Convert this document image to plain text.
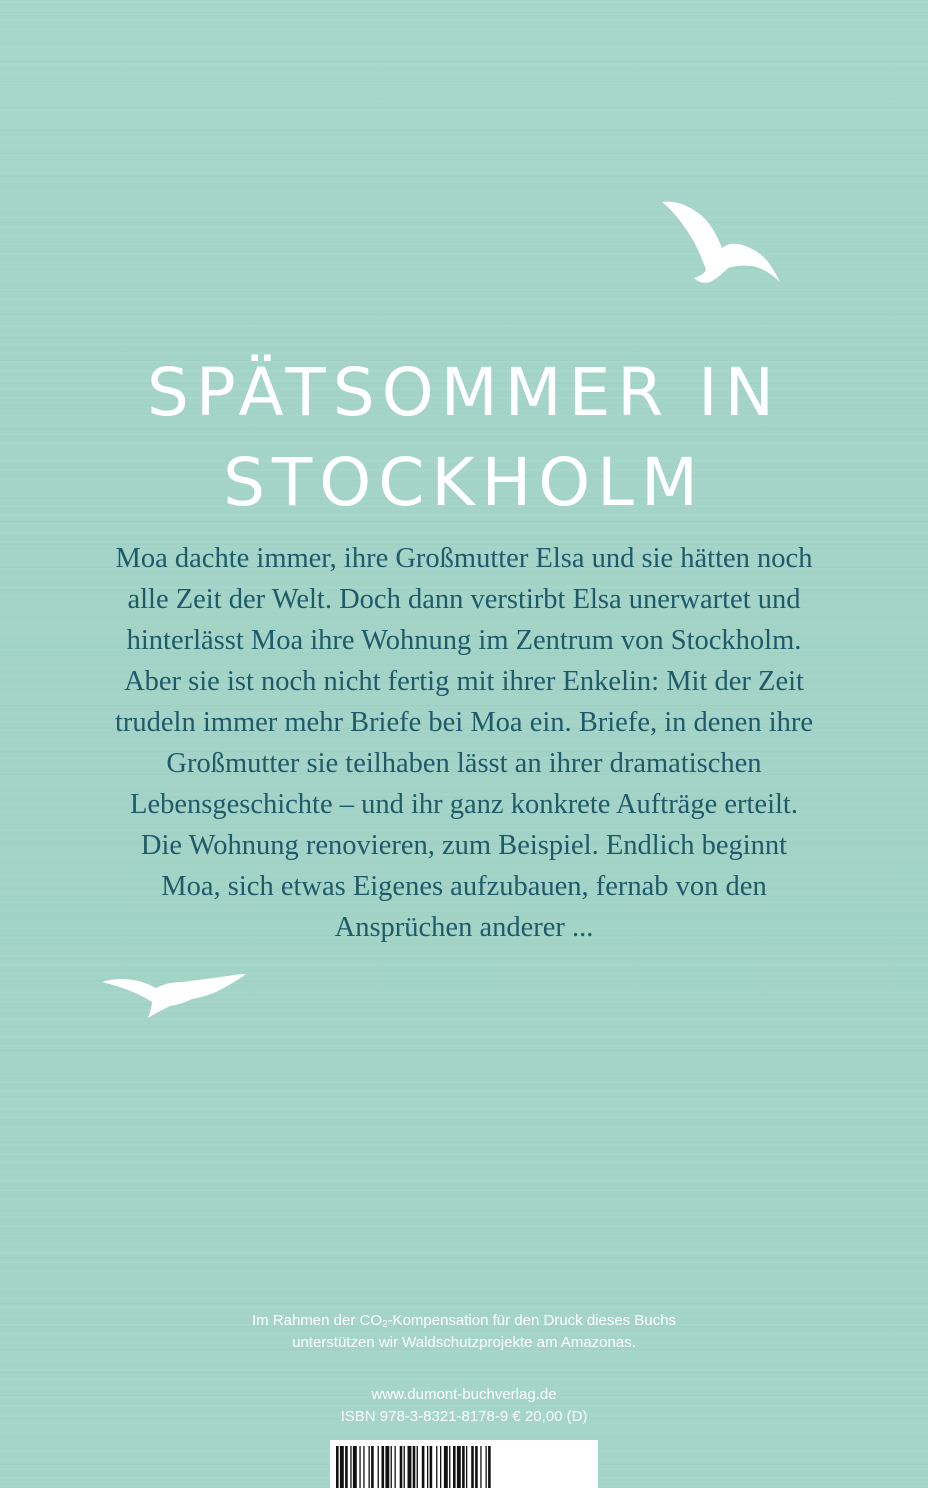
SPÄTSOMMER IN
STOCKHOLM

Moa dachte immer, ihre Großmutter Elsa und sie hätten noch
alle Zeit der Welt. Doch dann verstirbt Elsa unerwartet und
hinterlässt Moa ihre Wohnung im Zentrum von Stockholm.
Aber sie ist noch nicht fertig mit ihrer Enkelin: Mit der Zeit
trudeln immer mehr Briefe bei Moa ein. Briefe, in denen ihre
Großmutter sie teilhaben lässt an ihrer dramatischen
Lebensgeschichte – und ihr ganz konkrete Aufträge erteilt.
Die Wohnung renovieren, zum Beispiel. Endlich beginnt
Moa, sich etwas Eigenes aufzubauen, fernab von den
Ansprüchen anderer ...

Im Rahmen der $CO_2$-Kompensation für den Druck dieses Buchs
unterstützen wir Waldschutzprojekte am Amazonas.
www.dumont-buchverlag.de
ISBN 978-3-8321-8178-9 € 20,00 (D)
